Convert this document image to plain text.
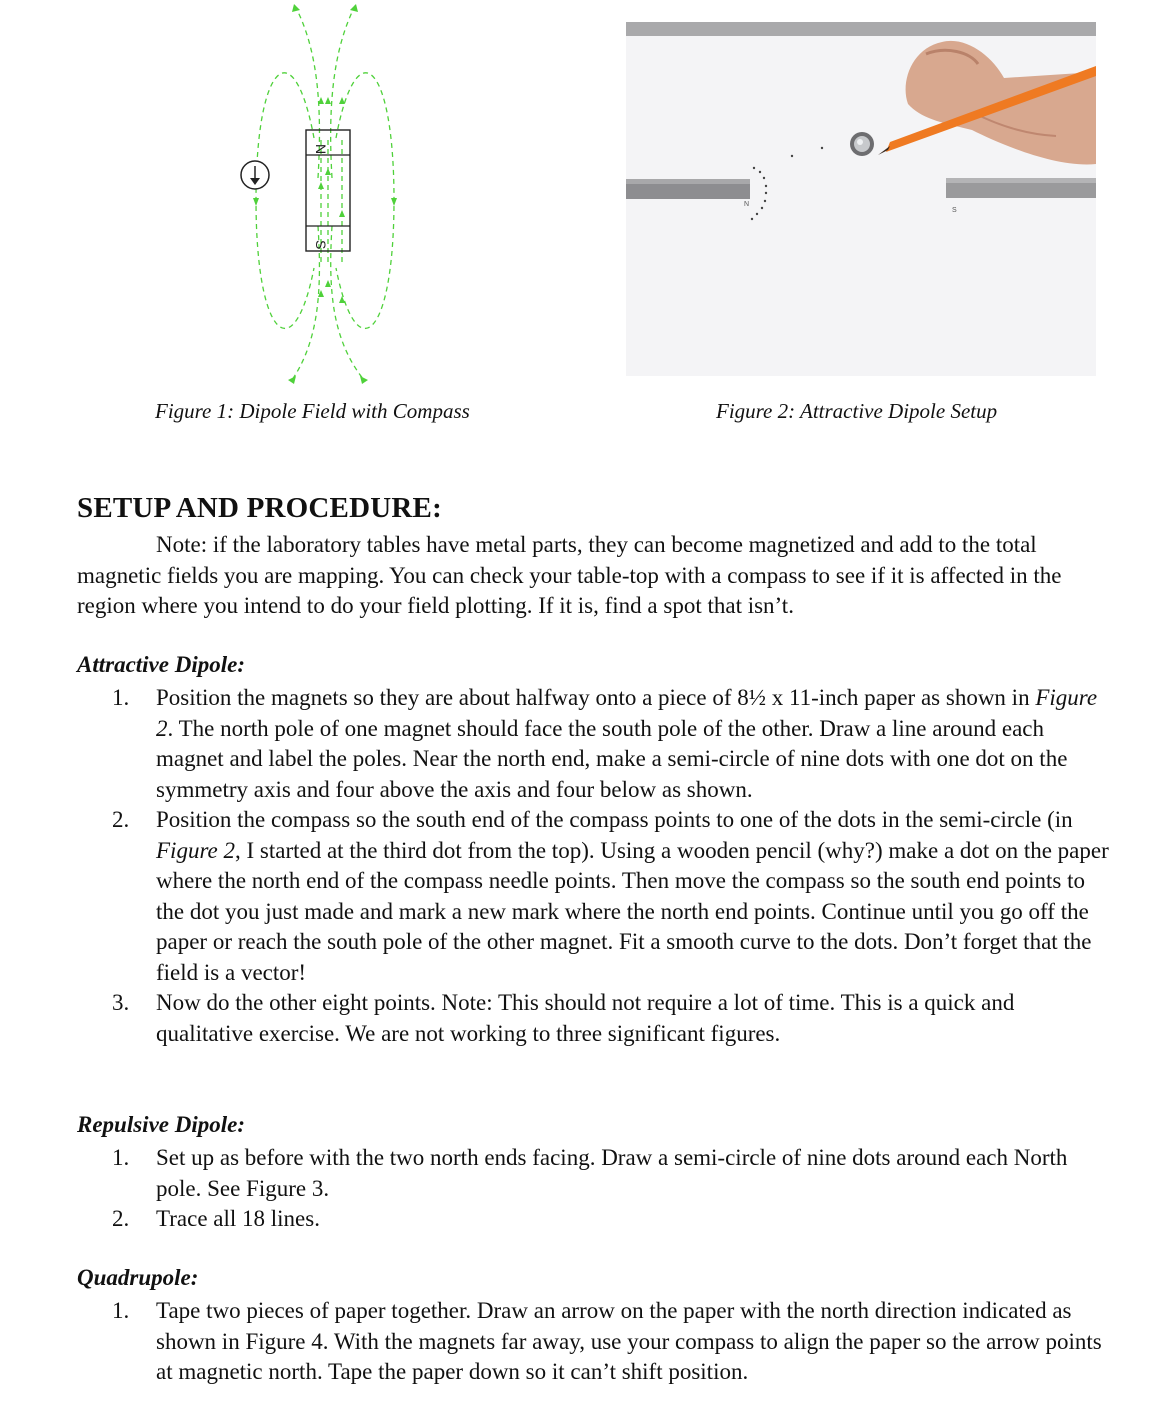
N
S
N
S
Figure 1: Dipole Field with Compass	Figure 2: Attractive Dipole Setup
SETUP AND PROCEDURE:
Note: if the laboratory tables have metal parts, they can become magnetized and add to the total magnetic fields you are mapping. You can check your table-top with a compass to see if it is affected in the region where you intend to do your field plotting. If it is, find a spot that isn’t.
Attractive Dipole:
1. Position the magnets so they are about halfway onto a piece of 8½ x 11-inch paper as shown in Figure 2. The north pole of one magnet should face the south pole of the other. Draw a line around each magnet and label the poles. Near the north end, make a semi-circle of nine dots with one dot on the symmetry axis and four above the axis and four below as shown.
2. Position the compass so the south end of the compass points to one of the dots in the semi-circle (in Figure 2, I started at the third dot from the top). Using a wooden pencil (why?) make a dot on the paper where the north end of the compass needle points. Then move the compass so the south end points to the dot you just made and mark a new mark where the north end points. Continue until you go off the paper or reach the south pole of the other magnet. Fit a smooth curve to the dots. Don’t forget that the field is a vector!
3. Now do the other eight points. Note: This should not require a lot of time. This is a quick and qualitative exercise. We are not working to three significant figures.
Repulsive Dipole:
1. Set up as before with the two north ends facing. Draw a semi-circle of nine dots around each North pole. See Figure 3.
2. Trace all 18 lines.
Quadrupole:
1. Tape two pieces of paper together. Draw an arrow on the paper with the north direction indicated as shown in Figure 4. With the magnets far away, use your compass to align the paper so the arrow points at magnetic north. Tape the paper down so it can’t shift position.
